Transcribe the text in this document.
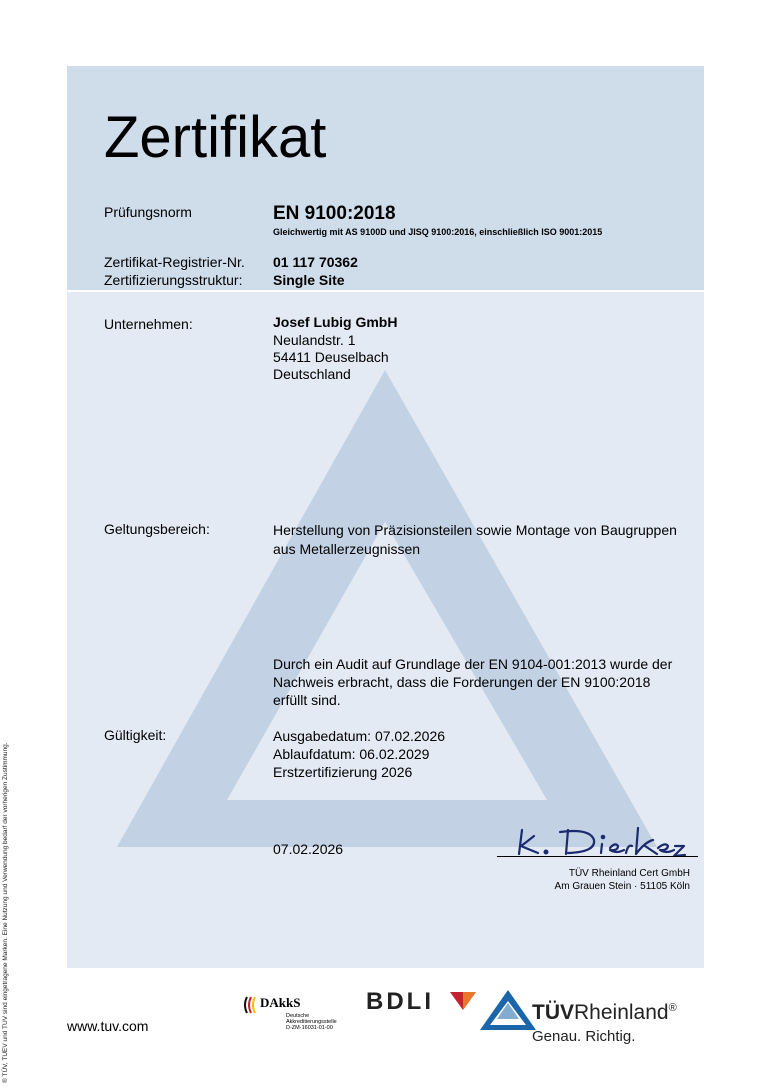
Zertifikat
Prüfungsnorm	EN 9100:2018
Gleichwertig mit AS 9100D und JISQ 9100:2016, einschließlich ISO 9001:2015
Zertifikat-Registrier-Nr. 01 117 70362
Zertifizierungsstruktur: Single Site
Unternehmen:	Josef Lubig GmbH
Neulandstr. 1
54411 Deuselbach
Deutschland
Geltungsbereich:	Herstellung von Präzisionsteilen sowie Montage von Baugruppen
aus Metallerzeugnissen
Durch ein Audit auf Grundlage der EN 9104-001:2013 wurde der
Nachweis erbracht, dass die Forderungen der EN 9100:2018
erfüllt sind.
Gültigkeit:	Ausgabedatum: 07.02.2026
Ablaufdatum: 06.02.2029
Erstzertifizierung 2026
07.02.2026
TÜV Rheinland Cert GmbH
Am Grauen Stein · 51105 Köln
www.tuv.com
® TÜV, TUEV und TUV sind eingetragene Marken. Eine Nutzung und Verwendung bedarf der vorherigen Zustimmung.	DAkkS
Deutsche
Akkreditierungsstelle
D-ZM-16031-01-00
BDLI	TÜVRheinland®
Genau. Richtig.
